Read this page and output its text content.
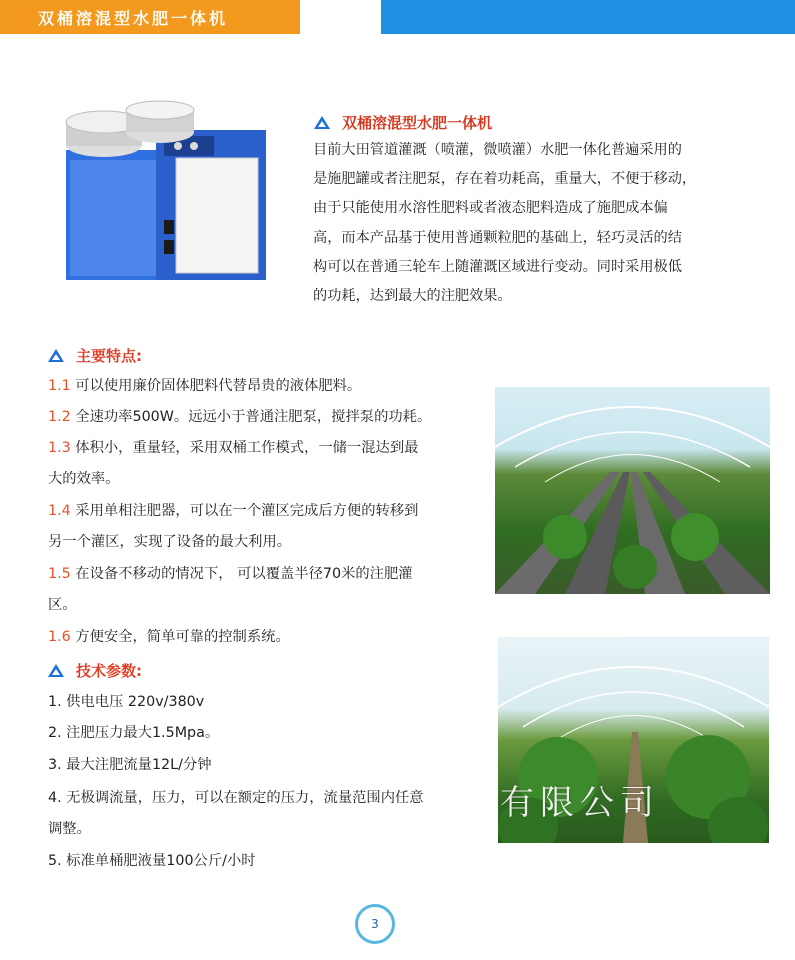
双桶溶混型水肥一体机
双桶溶混型水肥一体机
目前大田管道灌溉（喷灌，微喷灌）水肥一体化普遍采用的
是施肥罐或者注肥泵，存在着功耗高，重量大，不便于移动，
由于只能使用水溶性肥料或者液态肥料造成了施肥成本偏
高，而本产品基于使用普通颗粒肥的基础上，轻巧灵活的结
构可以在普通三轮车上随灌溉区域进行变动。同时采用极低
的功耗，达到最大的注肥效果。
主要特点:
1.1 可以使用廉价固体肥料代替昂贵的液体肥料。
1.2 全速功率500W。远远小于普通注肥泵，搅拌泵的功耗。
1.3 体积小，重量轻，采用双桶工作模式，一储一混达到最
大的效率。
1.4 采用单相注肥器，可以在一个灌区完成后方便的转移到
另一个灌区，实现了设备的最大利用。
1.5 在设备不移动的情况下， 可以覆盖半径70米的注肥灌
区。
1.6 方便安全，简单可靠的控制系统。
技术参数:
1. 供电电压 220v/380v
2. 注肥压力最大1.5Mpa。
3. 最大注肥流量12L/分钟
4. 无极调流量，压力，可以在额定的压力，流量范围内任意
调整。
5. 标准单桶肥液量100公斤/小时
有限公司
3
